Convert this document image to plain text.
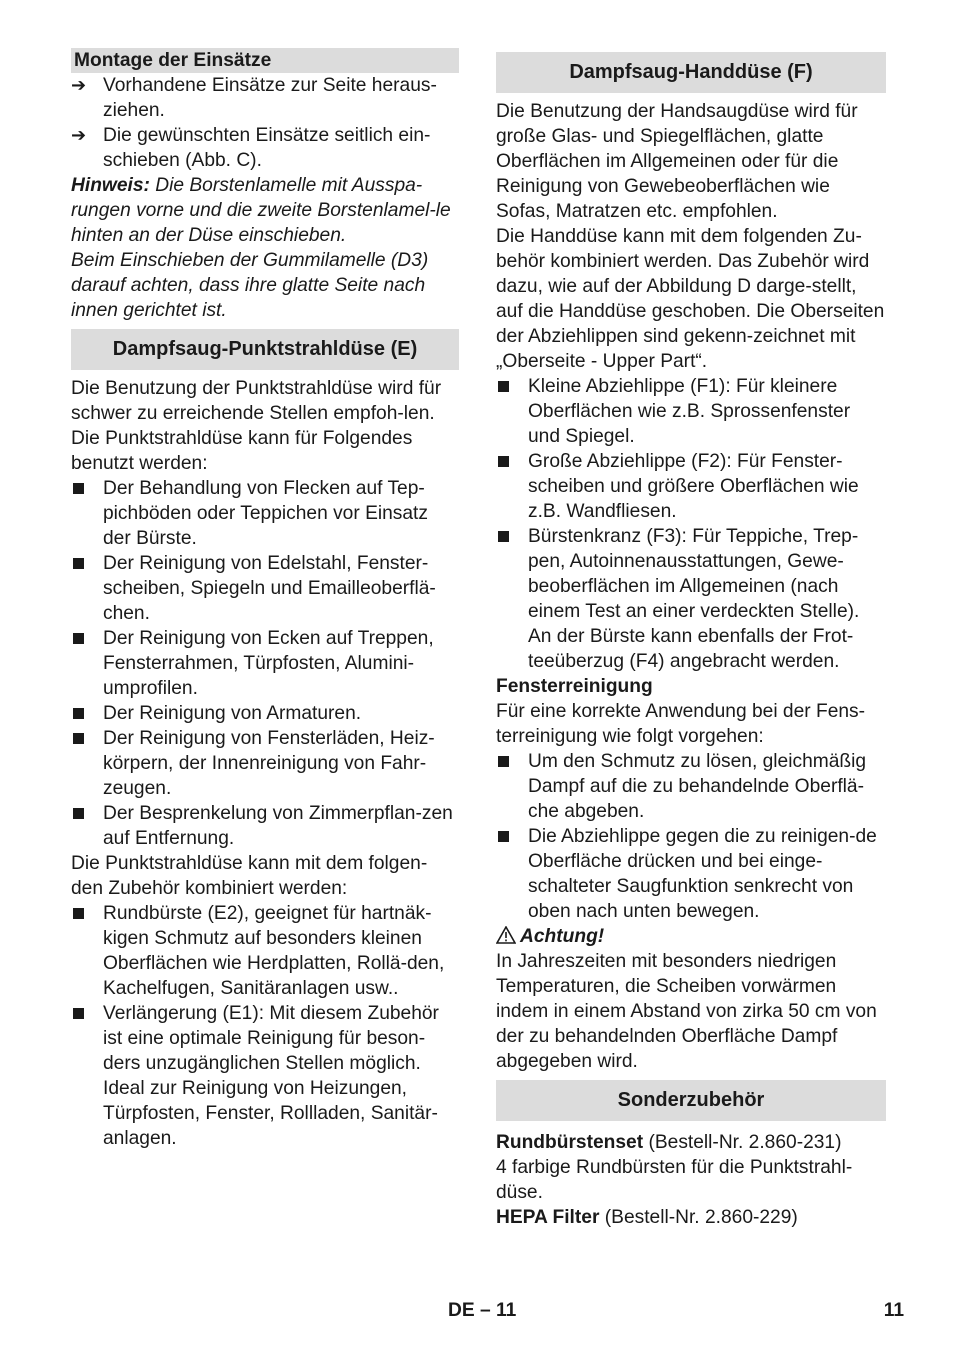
Montage der Einsätze

➔ Vorhandene Einsätze zur Seite heraus-ziehen.
➔ Die gewünschten Einsätze seitlich ein-schieben (Abb. C).

Hinweis: Die Borstenlamelle mit Ausspa-rungen vorne und die zweite Borstenlamel-le hinten an der Düse einschieben.

Beim Einschieben der Gummilamelle (D3) darauf achten, dass ihre glatte Seite nach innen gerichtet ist.

Dampfsaug-Punktstrahldüse (E)

Die Benutzung der Punktstrahldüse wird für schwer zu erreichende Stellen empfoh-len.

Die Punktstrahldüse kann für Folgendes benutzt werden:

Der Behandlung von Flecken auf Tep-pichböden oder Teppichen vor Einsatz der Bürste.
Der Reinigung von Edelstahl, Fenster-scheiben, Spiegeln und Emailleoberflä-chen.
Der Reinigung von Ecken auf Treppen, Fensterrahmen, Türpfosten, Alumini-umprofilen.
Der Reinigung von Armaturen.
Der Reinigung von Fensterläden, Heiz-körpern, der Innenreinigung von Fahr-zeugen.
Der Besprenkelung von Zimmerpflan-zen auf Entfernung.

Die Punktstrahldüse kann mit dem folgen-den Zubehör kombiniert werden:

Rundbürste (E2), geeignet für hartnäk-kigen Schmutz auf besonders kleinen Oberflächen wie Herdplatten, Rollä-den, Kachelfugen, Sanitäranlagen usw..
Verlängerung (E1): Mit diesem Zubehör ist eine optimale Reinigung für beson-ders unzugänglichen Stellen möglich. Ideal zur Reinigung von Heizungen, Türpfosten, Fenster, Rollladen, Sanitär-anlagen.
Dampfsaug-Handdüse (F)

Die Benutzung der Handsaugdüse wird für große Glas- und Spiegelflächen, glatte Oberflächen im Allgemeinen oder für die Reinigung von Gewebeoberflächen wie Sofas, Matratzen etc. empfohlen.

Die Handdüse kann mit dem folgenden Zu-behör kombiniert werden. Das Zubehör wird dazu, wie auf der Abbildung D darge-stellt, auf die Handdüse geschoben. Die Oberseiten der Abziehlippen sind gekenn-zeichnet mit „Oberseite - Upper Part“.

Kleine Abziehlippe (F1): Für kleinere Oberflächen wie z.B. Sprossenfenster und Spiegel.
Große Abziehlippe (F2): Für Fenster-scheiben und größere Oberflächen wie z.B. Wandfliesen.
Bürstenkranz (F3): Für Teppiche, Trep-pen, Autoinnenausstattungen, Gewe-beoberflächen im Allgemeinen (nach einem Test an einer verdeckten Stelle). An der Bürste kann ebenfalls der Frot-teeüberzug (F4) angebracht werden.

Fensterreinigung

Für eine korrekte Anwendung bei der Fens-terreinigung wie folgt vorgehen:

Um den Schmutz zu lösen, gleichmäßig Dampf auf die zu behandelnde Oberflä-che abgeben.
Die Abziehlippe gegen die zu reinigen-de Oberfläche drücken und bei einge-schalteter Saugfunktion senkrecht von oben nach unten bewegen.

Achtung!

In Jahreszeiten mit besonders niedrigen Temperaturen, die Scheiben vorwärmen indem in einem Abstand von zirka 50 cm von der zu behandelnden Oberfläche Dampf abgegeben wird.

Sonderzubehör

Rundbürstenset (Bestell-Nr. 2.860-231)

4 farbige Rundbürsten für die Punktstrahl-düse.

HEPA Filter (Bestell-Nr. 2.860-229)

DE – 11	11
